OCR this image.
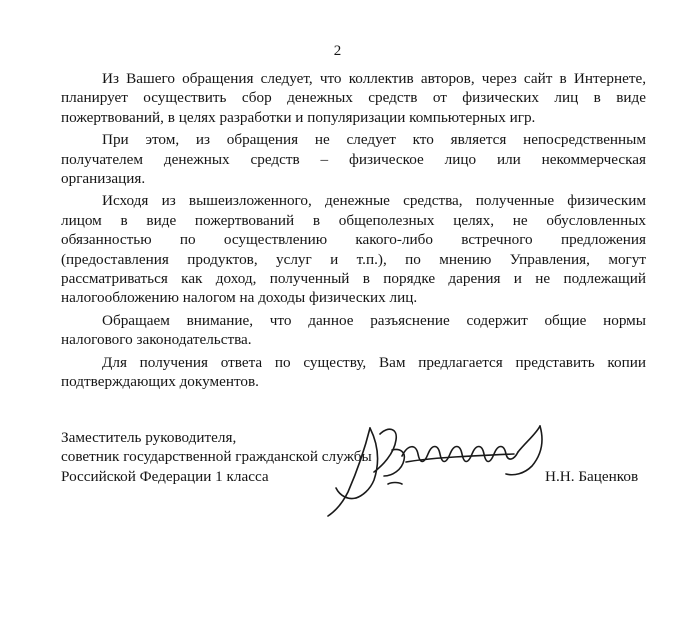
2

Из Вашего обращения следует, что коллектив авторов, через сайт в Интернете,
планирует осуществить сбор денежных средств от физических лиц в виде
пожертвований, в целях разработки и популяризации компьютерных игр.

При этом, из обращения не следует кто является непосредственным
получателем денежных средств – физическое лицо или некоммерческая
организация.

Исходя из вышеизложенного, денежные средства, полученные физическим
лицом в виде пожертвований в общеполезных целях, не обусловленных
обязанностью по осуществлению какого-либо встречного предложения
(предоставления продуктов, услуг и т.п.), по мнению Управления, могут
рассматриваться как доход, полученный в порядке дарения и не подлежащий
налогообложению налогом на доходы физических лиц.

Обращаем внимание, что данное разъяснение содержит общие нормы
налогового законодательства.

Для получения ответа по существу, Вам предлагается представить копии
подтверждающих документов.

Заместитель руководителя,
советник государственной гражданской службы
Российской Федерации 1 класса	Н.Н. Баценков
